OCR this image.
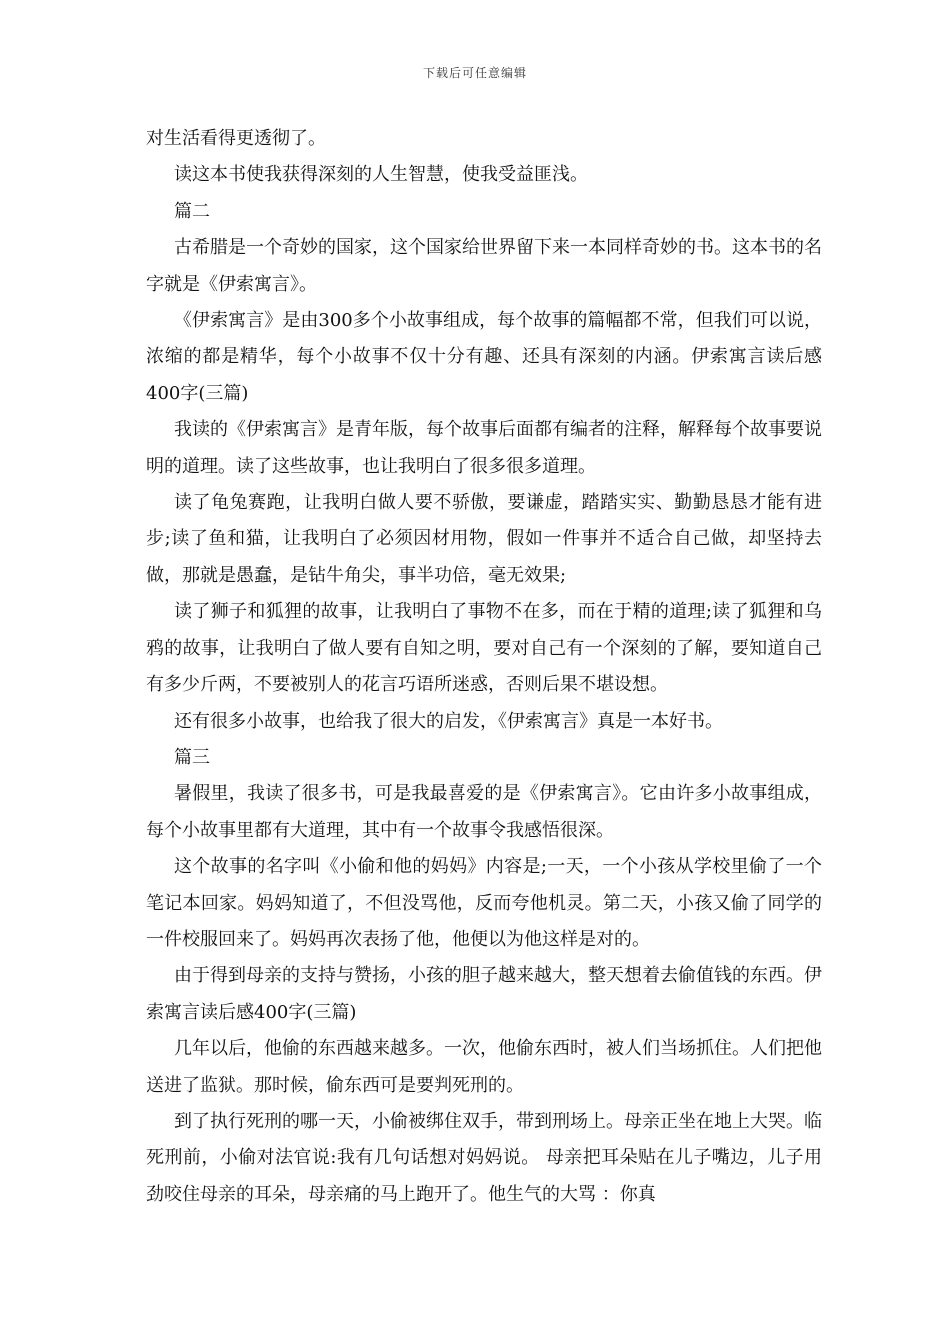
下载后可任意编辑

对生活看得更透彻了。

读这本书使我获得深刻的人生智慧，使我受益匪浅。

篇二

古希腊是一个奇妙的国家，这个国家给世界留下来一本同样奇妙的书。这本书的名字就是《伊索寓言》。

《伊索寓言》是由300多个小故事组成，每个故事的篇幅都不常，但我们可以说，浓缩的都是精华，每个小故事不仅十分有趣、还具有深刻的内涵。伊索寓言读后感400字(三篇)

我读的《伊索寓言》是青年版，每个故事后面都有编者的注释，解释每个故事要说明的道理。读了这些故事，也让我明白了很多很多道理。

读了龟兔赛跑，让我明白做人要不骄傲，要谦虚，踏踏实实、勤勤恳恳才能有进步;读了鱼和猫，让我明白了必须因材用物，假如一件事并不适合自己做，却坚持去做，那就是愚蠢，是钻牛角尖，事半功倍，毫无效果;

读了狮子和狐狸的故事，让我明白了事物不在多，而在于精的道理;读了狐狸和乌鸦的故事，让我明白了做人要有自知之明，要对自己有一个深刻的了解，要知道自己有多少斤两，不要被别人的花言巧语所迷惑，否则后果不堪设想。

还有很多小故事，也给我了很大的启发，《伊索寓言》真是一本好书。

篇三

暑假里，我读了很多书，可是我最喜爱的是《伊索寓言》。它由许多小故事组成，每个小故事里都有大道理，其中有一个故事令我感悟很深。

这个故事的名字叫《小偷和他的妈妈》内容是;一天，一个小孩从学校里偷了一个笔记本回家。妈妈知道了，不但没骂他，反而夸他机灵。第二天，小孩又偷了同学的一件校服回来了。妈妈再次表扬了他，他便以为他这样是对的。

由于得到母亲的支持与赞扬，小孩的胆子越来越大，整天想着去偷值钱的东西。伊索寓言读后感400字(三篇)

几年以后，他偷的东西越来越多。一次，他偷东西时，被人们当场抓住。人们把他送进了监狱。那时候，偷东西可是要判死刑的。

到了执行死刑的哪一天，小偷被绑住双手，带到刑场上。母亲正坐在地上大哭。临死刑前，小偷对法官说:我有几句话想对妈妈说。 母亲把耳朵贴在儿子嘴边，儿子用劲咬住母亲的耳朵，母亲痛的马上跑开了。他生气的大骂 ：你真
